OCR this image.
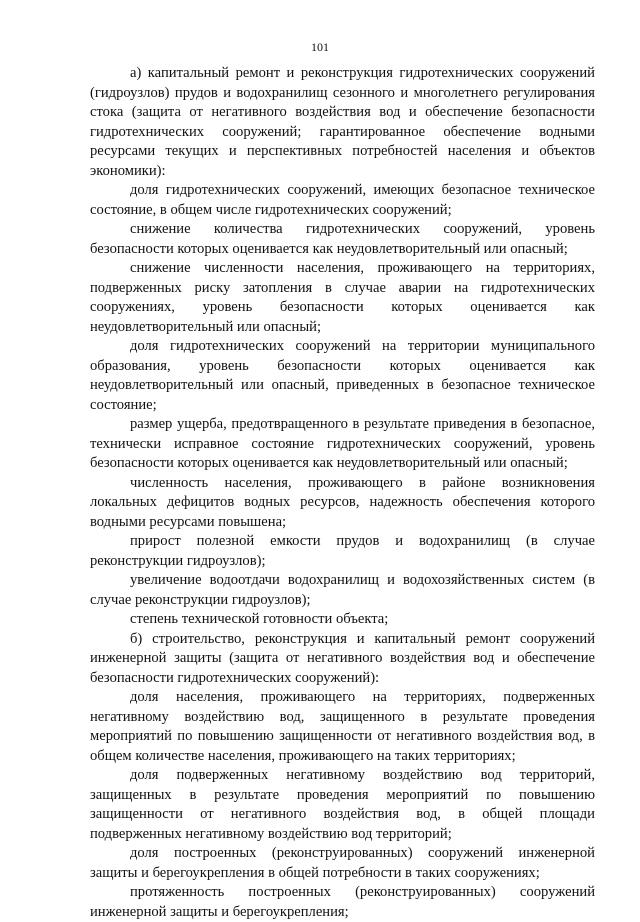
101

а) капитальный ремонт и реконструкция гидротехнических сооружений (гидроузлов) прудов и водохранилищ сезонного и многолетнего регулирования стока (защита от негативного воздействия вод и обеспечение безопасности гидротехнических сооружений; гарантированное обеспечение водными ресурсами текущих и перспективных потребностей населения и объектов экономики):

доля гидротехнических сооружений, имеющих безопасное техническое состояние, в общем числе гидротехнических сооружений;

снижение количества гидротехнических сооружений, уровень безопасности которых оценивается как неудовлетворительный или опасный;

снижение численности населения, проживающего на территориях, подверженных риску затопления в случае аварии на гидротехнических сооружениях, уровень безопасности которых оценивается как неудовлетворительный или опасный;

доля гидротехнических сооружений на территории муниципального образования, уровень безопасности которых оценивается как неудовлетворительный или опасный, приведенных в безопасное техническое состояние;

размер ущерба, предотвращенного в результате приведения в безопасное, технически исправное состояние гидротехнических сооружений, уровень безопасности которых оценивается как неудовлетворительный или опасный;

численность населения, проживающего в районе возникновения локальных дефицитов водных ресурсов, надежность обеспечения которого водными ресурсами повышена;

прирост полезной емкости прудов и водохранилищ (в случае реконструкции гидроузлов);

увеличение водоотдачи водохранилищ и водохозяйственных систем (в случае реконструкции гидроузлов);

степень технической готовности объекта;

б) строительство, реконструкция и капитальный ремонт сооружений инженерной защиты (защита от негативного воздействия вод и обеспечение безопасности гидротехнических сооружений):

доля населения, проживающего на территориях, подверженных негативному воздействию вод, защищенного в результате проведения мероприятий по повышению защищенности от негативного воздействия вод, в общем количестве населения, проживающего на таких территориях;

доля подверженных негативному воздействию вод территорий, защищенных в результате проведения мероприятий по повышению защищенности от негативного воздействия вод, в общей площади подверженных негативному воздействию вод территорий;

доля построенных (реконструированных) сооружений инженерной защиты и берегоукрепления в общей потребности в таких сооружениях;

протяженность построенных (реконструированных) сооружений инженерной защиты и берегоукрепления;
